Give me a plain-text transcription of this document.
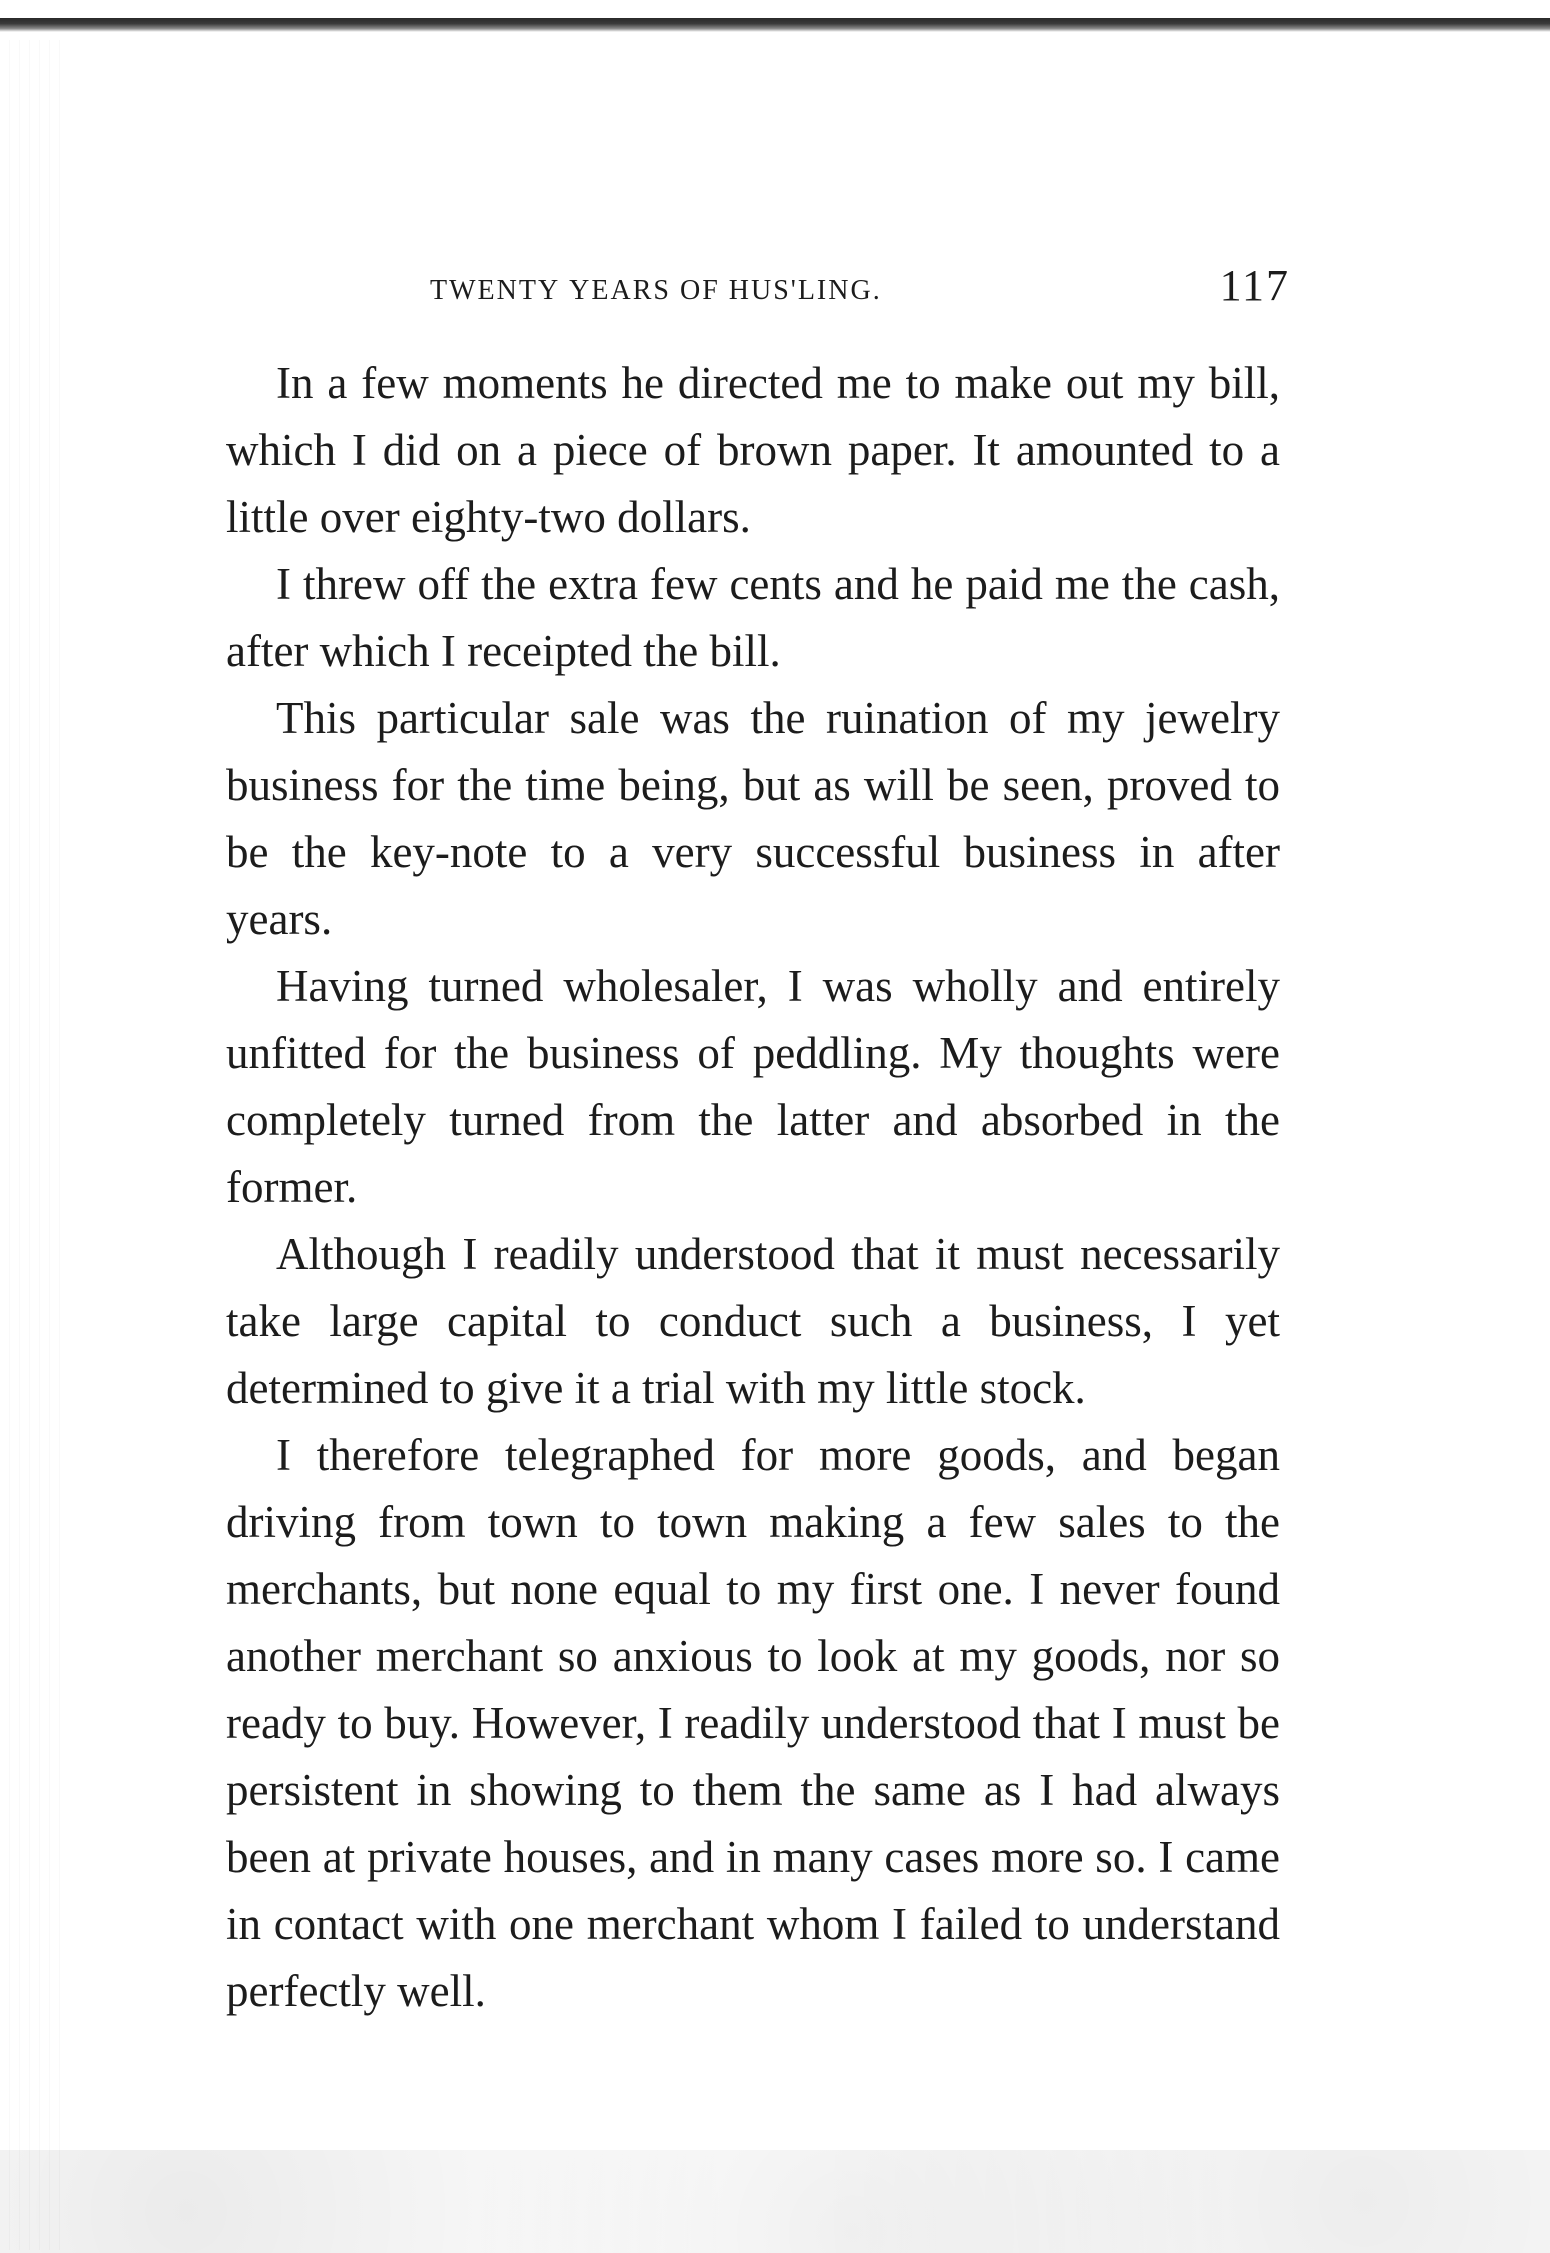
twenty years of hus'ling.	117

In a few moments he directed me to make out my bill, which I did on a piece of brown paper. It amounted to a little over eighty-two dollars.

I threw off the extra few cents and he paid me the cash, after which I receipted the bill.

This particular sale was the ruination of my jewelry business for the time being, but as will be seen, proved to be the key-note to a very successful business in after years.

Having turned wholesaler, I was wholly and entirely unfitted for the business of peddling. My thoughts were completely turned from the latter and absorbed in the former.

Although I readily understood that it must necessarily take large capital to conduct such a business, I yet determined to give it a trial with my little stock.

I therefore telegraphed for more goods, and began driving from town to town making a few sales to the merchants, but none equal to my first one. I never found another merchant so anxious to look at my goods, nor so ready to buy. However, I readily understood that I must be persistent in showing to them the same as I had always been at private houses, and in many cases more so. I came in contact with one merchant whom I failed to understand perfectly well.
